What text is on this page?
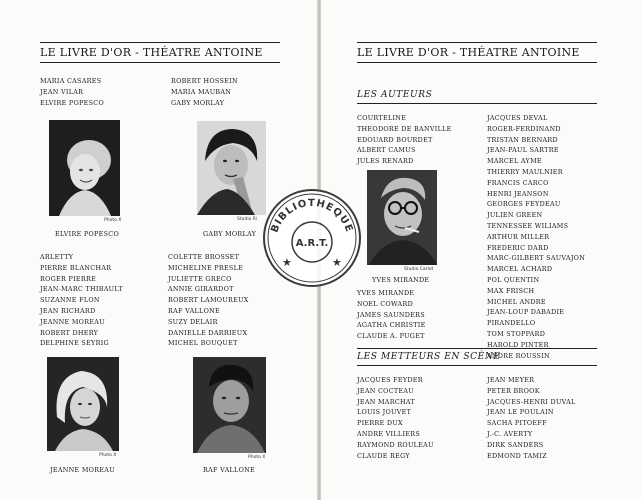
LE LIVRE D'OR - THÉATRE ANTOINE
MARIA CASARES
JEAN VILAR
ELVIRE POPESCO
ROBERT HOSSEIN
MARIA MAUBAN
GABY MORLAY
Photo X
ELVIRE POPESCO
Studio Ri
GABY MORLAY
ARLETTY
PIERRE BLANCHAR
ROGER PIERRE
JEAN-MARC THIBAULT
SUZANNE FLON
JEAN RICHARD
JEANNE MOREAU
ROBERT DHERY
DELPHINE SEYRIG
COLETTE BROSSET
MICHELINE PRESLE
JULIETTE GRECO
ANNIE GIRARDOT
ROBERT LAMOUREUX
RAF VALLONE
SUZY DELAIR
DANIELLE DARRIEUX
MICHEL BOUQUET
Photo X
JEANNE MOREAU
Photo X
RAF VALLONE
LE LIVRE D'OR - THÉATRE ANTOINE
LES AUTEURS
COURTELINE
THEODORE DE BANVILLE
EDOUARD BOURDET
ALBERT CAMUS
JULES RENARD
Studio Carlet
YVES MIRANDE
YVES MIRANDE
NOEL COWARD
JAMES SAUNDERS
AGATHA CHRISTIE
CLAUDE A. PUGET
JACQUES DEVAL
ROGER-FERDINAND
TRISTAN BERNARD
JEAN-PAUL SARTRE
MARCEL AYME
THIERRY MAULNIER
FRANCIS CARCO
HENRI JEANSON
GEORGES FEYDEAU
JULIEN GREEN
TENNESSEE WILIAMS
ARTHUR MILLER
FREDERIC DARD
MARC-GILBERT SAUVAJON
MARCEL ACHARD
POL QUENTIN
MAX FRISCH
MICHEL ANDRE
JEAN-LOUP DABADIE
PIRANDELLO
TOM STOPPARD
HAROLD PINTER
ANDRE ROUSSIN
LES METTEURS EN SCÈNE
JACQUES FEYDER
JEAN COCTEAU
JEAN MARCHAT
LOUIS JOUVET
PIERRE DUX
ANDRE VILLIERS
RAYMOND ROULEAU
CLAUDE REGY
JEAN MEYER
PETER BROOK
JACQUES-HENRI DUVAL
JEAN LE POULAIN
SACHA PITOEFF
J.-C. AVERTY
DIRK SANDERS
EDMOND TAMIZ
BIBLIOTHEQUE
A.R.T.
★	★
